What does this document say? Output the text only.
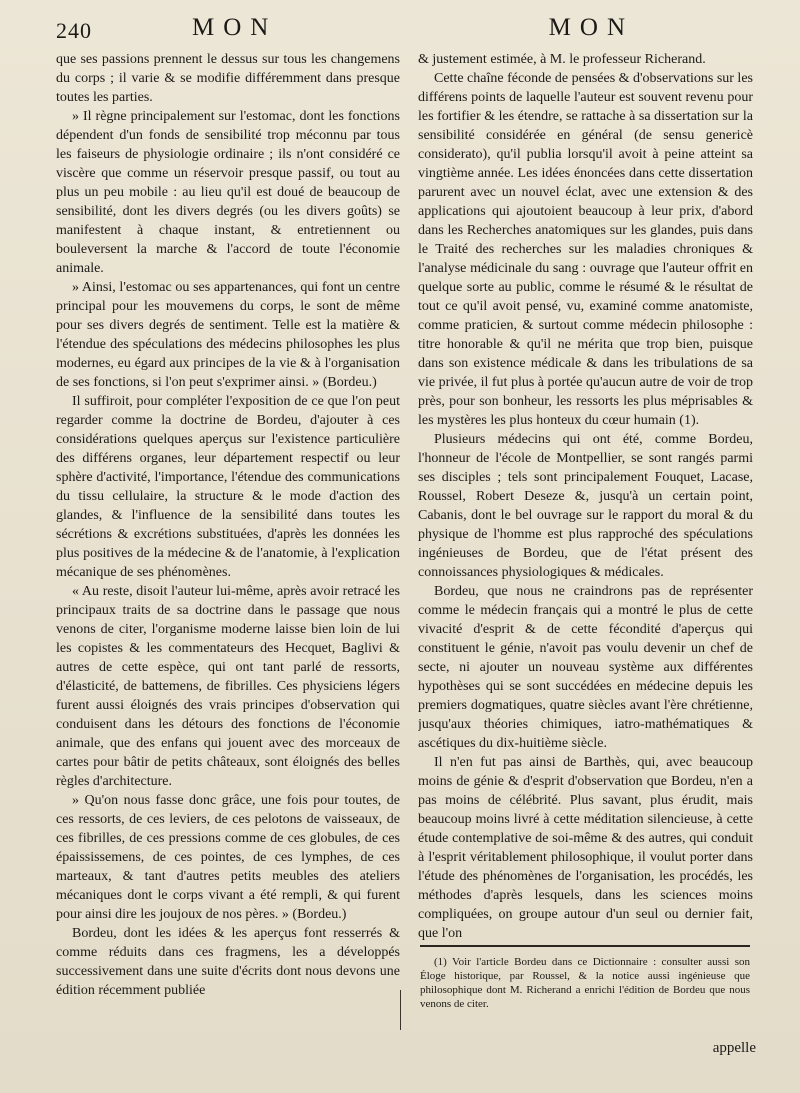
240	MON	MON

que ses passions prennent le dessus sur tous les changemens du corps ; il varie & se modifie différemment dans presque toutes les parties.

» Il règne principalement sur l'estomac, dont les fonctions dépendent d'un fonds de sensibilité trop méconnu par tous les faiseurs de physiologie ordinaire ; ils n'ont considéré ce viscère que comme un réservoir presque passif, ou tout au plus un peu mobile : au lieu qu'il est doué de beaucoup de sensibilité, dont les divers degrés (ou les divers goûts) se manifestent à chaque instant, & entretiennent ou bouleversent la marche & l'accord de toute l'économie animale.

» Ainsi, l'estomac ou ses appartenances, qui font un centre principal pour les mouvemens du corps, le sont de même pour ses divers degrés de sentiment. Telle est la matière & l'étendue des spéculations des médecins philosophes les plus modernes, eu égard aux principes de la vie & à l'organisation de ses fonctions, si l'on peut s'exprimer ainsi. » (Bordeu.)

Il suffiroit, pour compléter l'exposition de ce que l'on peut regarder comme la doctrine de Bordeu, d'ajouter à ces considérations quelques aperçus sur l'existence particulière des différens organes, leur département respectif ou leur sphère d'activité, l'importance, l'étendue des communications du tissu cellulaire, la structure & le mode d'action des glandes, & l'influence de la sensibilité dans toutes les sécrétions & excrétions substituées, d'après les données les plus positives de la médecine & de l'anatomie, à l'explication mécanique de ses phénomènes.

« Au reste, disoit l'auteur lui-même, après avoir retracé les principaux traits de sa doctrine dans le passage que nous venons de citer, l'organisme moderne laisse bien loin de lui les copistes & les commentateurs des Hecquet, Baglivi & autres de cette espèce, qui ont tant parlé de ressorts, d'élasticité, de battemens, de fibrilles. Ces physiciens légers furent aussi éloignés des vrais principes d'observation qui conduisent dans les détours des fonctions de l'économie animale, que des enfans qui jouent avec des morceaux de cartes pour bâtir de petits châteaux, sont éloignés des belles règles d'architecture.

» Qu'on nous fasse donc grâce, une fois pour toutes, de ces ressorts, de ces leviers, de ces pelotons de vaisseaux, de ces fibrilles, de ces pressions comme de ces globules, de ces épaississemens, de ces pointes, de ces lymphes, de ces marteaux, & tant d'autres petits meubles des ateliers mécaniques dont le corps vivant a été rempli, & qui furent pour ainsi dire les joujoux de nos pères. » (Bordeu.)

Bordeu, dont les idées & les aperçus font resserrés & comme réduits dans ces fragmens, les a développés successivement dans une suite d'écrits dont nous devons une édition récemment publiée

& justement estimée, à M. le professeur Richerand.

Cette chaîne féconde de pensées & d'observations sur les différens points de laquelle l'auteur est souvent revenu pour les fortifier & les étendre, se rattache à sa dissertation sur la sensibilité considérée en général (de sensu genericè considerato), qu'il publia lorsqu'il avoit à peine atteint sa vingtième année. Les idées énoncées dans cette dissertation parurent avec un nouvel éclat, avec une extension & des applications qui ajoutoient beaucoup à leur prix, d'abord dans les Recherches anatomiques sur les glandes, puis dans le Traité des recherches sur les maladies chroniques & l'analyse médicinale du sang : ouvrage que l'auteur offrit en quelque sorte au public, comme le résumé & le résultat de tout ce qu'il avoit pensé, vu, examiné comme anatomiste, comme praticien, & surtout comme médecin philosophe : titre honorable & qu'il ne mérita que trop bien, puisque dans son existence médicale & dans les tribulations de sa vie privée, il fut plus à portée qu'aucun autre de voir de trop près, pour son bonheur, les ressorts les plus méprisables & les mystères les plus honteux du cœur humain (1).

Plusieurs médecins qui ont été, comme Bordeu, l'honneur de l'école de Montpellier, se sont rangés parmi ses disciples ; tels sont principalement Fouquet, Lacase, Roussel, Robert Deseze &, jusqu'à un certain point, Cabanis, dont le bel ouvrage sur le rapport du moral & du physique de l'homme est plus rapproché des spéculations ingénieuses de Bordeu, que de l'état présent des connoissances physiologiques & médicales.

Bordeu, que nous ne craindrons pas de représenter comme le médecin français qui a montré le plus de cette vivacité d'esprit & de cette fécondité d'aperçus qui constituent le génie, n'avoit pas voulu devenir un chef de secte, ni ajouter un nouveau système aux différentes hypothèses qui se sont succédées en médecine depuis les premiers dogmatiques, quatre siècles avant l'ère chrétienne, jusqu'aux théories chimiques, iatro-mathématiques & ascétiques du dix-huitième siècle.

Il n'en fut pas ainsi de Barthès, qui, avec beaucoup moins de génie & d'esprit d'observation que Bordeu, n'en a pas moins de célébrité. Plus savant, plus érudit, mais beaucoup moins livré à cette méditation silencieuse, à cette étude contemplative de soi-même & des autres, qui conduit à l'esprit véritablement philosophique, il voulut porter dans l'étude des phénomènes de l'organisation, les procédés, les méthodes d'après lesquels, dans les sciences moins compliquées, on groupe autour d'un seul ou dernier fait, que l'on

(1) Voir l'article Bordeu dans ce Dictionnaire : consulter aussi son Éloge historique, par Roussel, & la notice aussi ingénieuse que philosophique dont M. Richerand a enrichi l'édition de Bordeu que nous venons de citer.
appelle
